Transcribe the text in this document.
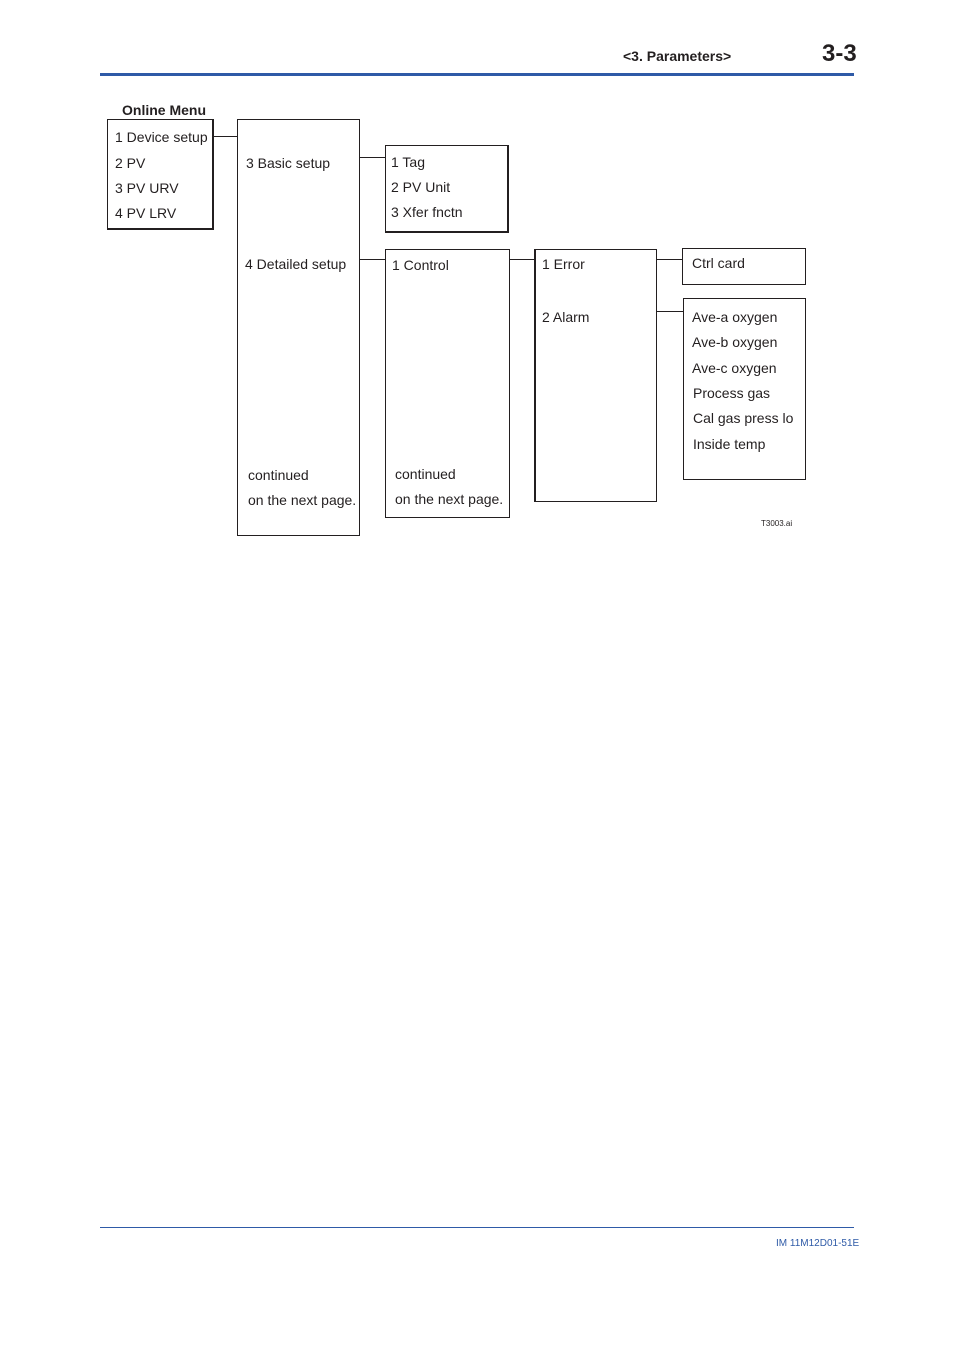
<3. Parameters>	3-3
Online Menu
1 Device setup
2 PV
3 PV URV
4 PV LRV
3 Basic setup
4 Detailed setup
continued
on the next page.
1 Tag
2 PV Unit
3 Xfer fnctn
1 Control
continued
on the next page.
1 Error
2 Alarm
Ctrl card
Ave-a oxygen
Ave-b oxygen
Ave-c oxygen
Process gas
Cal gas press lo
Inside temp
T3003.ai
IM 11M12D01-51E
